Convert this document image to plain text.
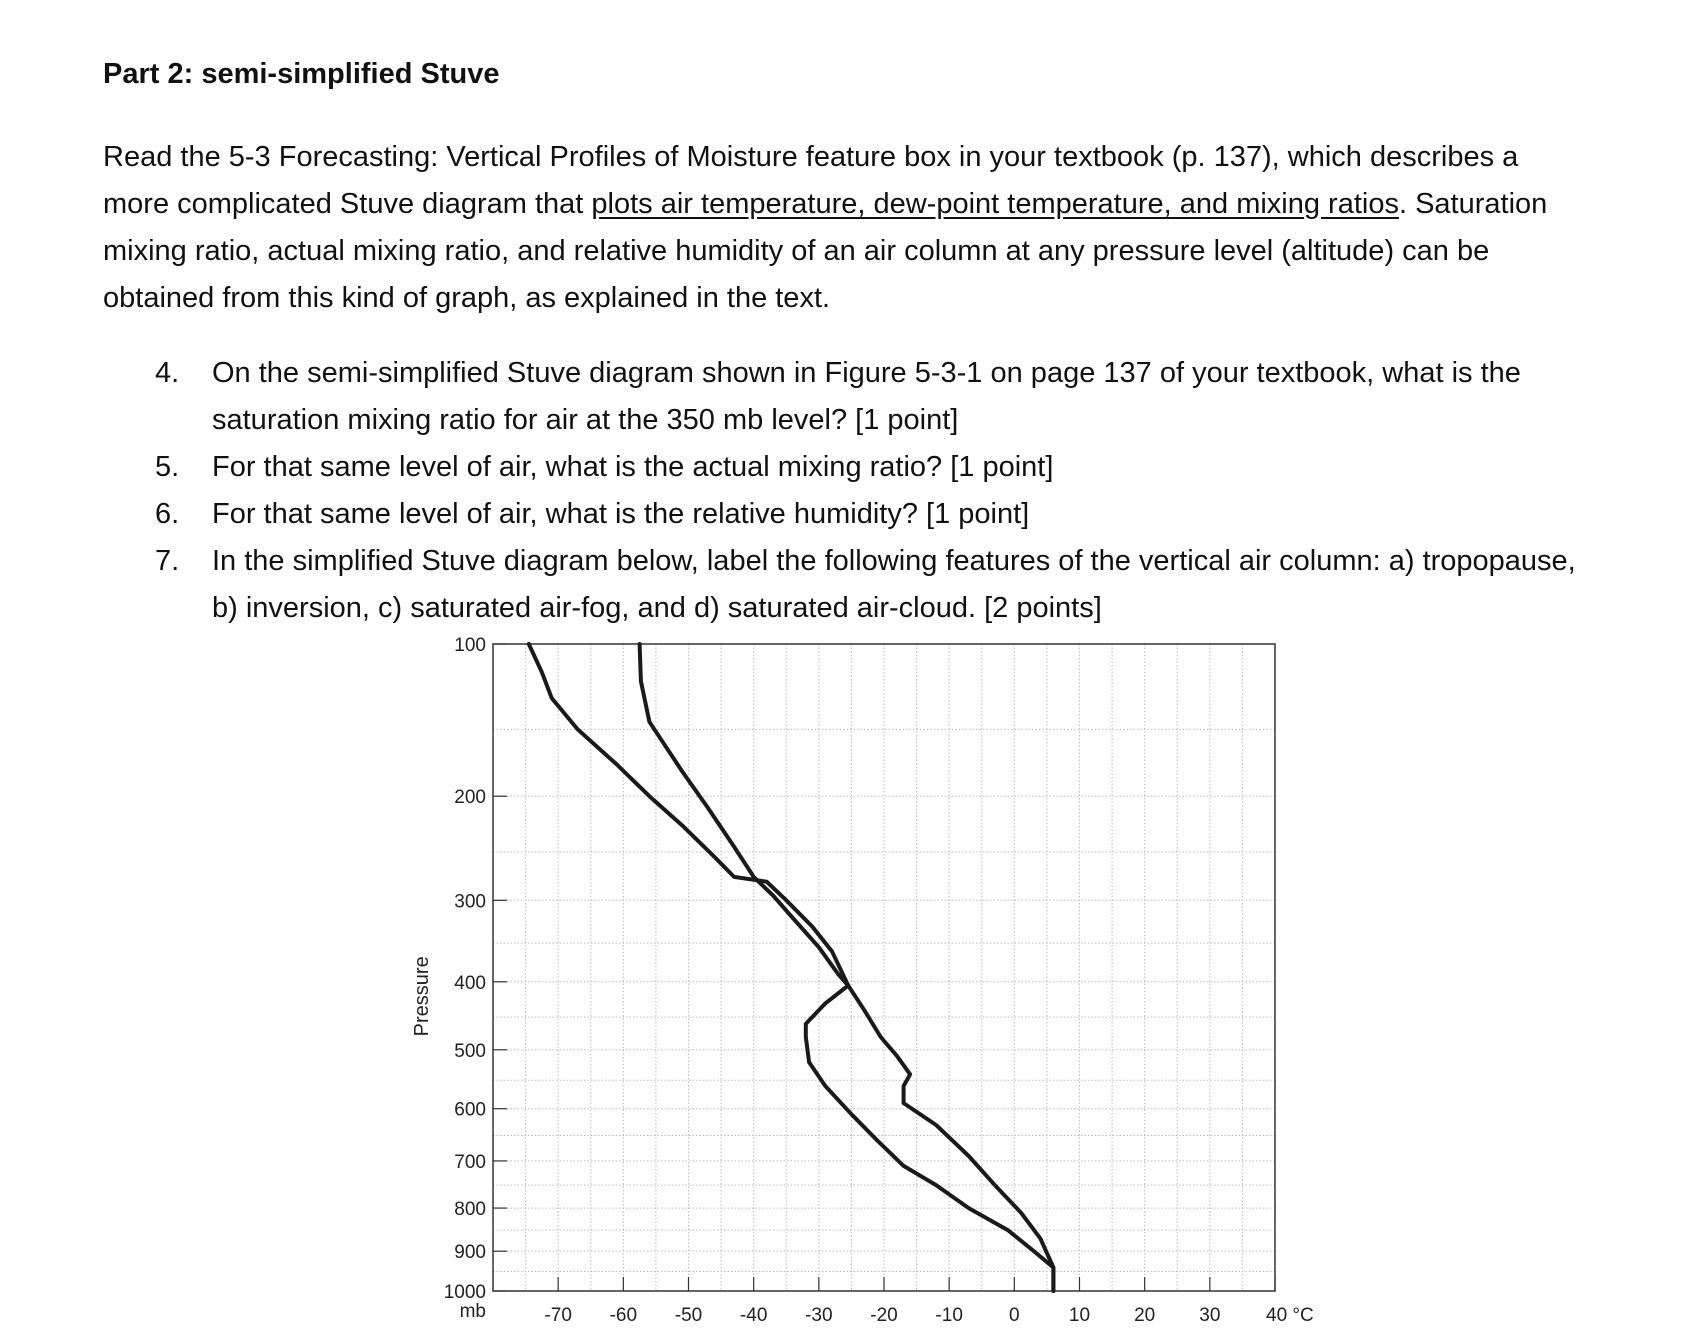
Part 2: semi-simplified Stuve

Read the 5-3 Forecasting: Vertical Profiles of Moisture feature box in your textbook (p. 137), which describes a more complicated Stuve diagram that plots air temperature, dew-point temperature, and mixing ratios. Saturation mixing ratio, actual mixing ratio, and relative humidity of an air column at any pressure level (altitude) can be obtained from this kind of graph, as explained in the text.

4. On the semi-simplified Stuve diagram shown in Figure 5-3-1 on page 137 of your textbook, what is the saturation mixing ratio for air at the 350 mb level? [1 point]
5. For that same level of air, what is the actual mixing ratio? [1 point]
6. For that same level of air, what is the relative humidity? [1 point]
7. In the simplified Stuve diagram below, label the following features of the vertical air column: a) tropopause, b) inversion, c) saturated air-fog, and d) saturated air-cloud. [2 points]
100
200
300
400
500
600
700
800
900
1000
-70 -60 -50 -40 -30 -20 -10 0	10 20 30 40 °C
Pressure
mb
